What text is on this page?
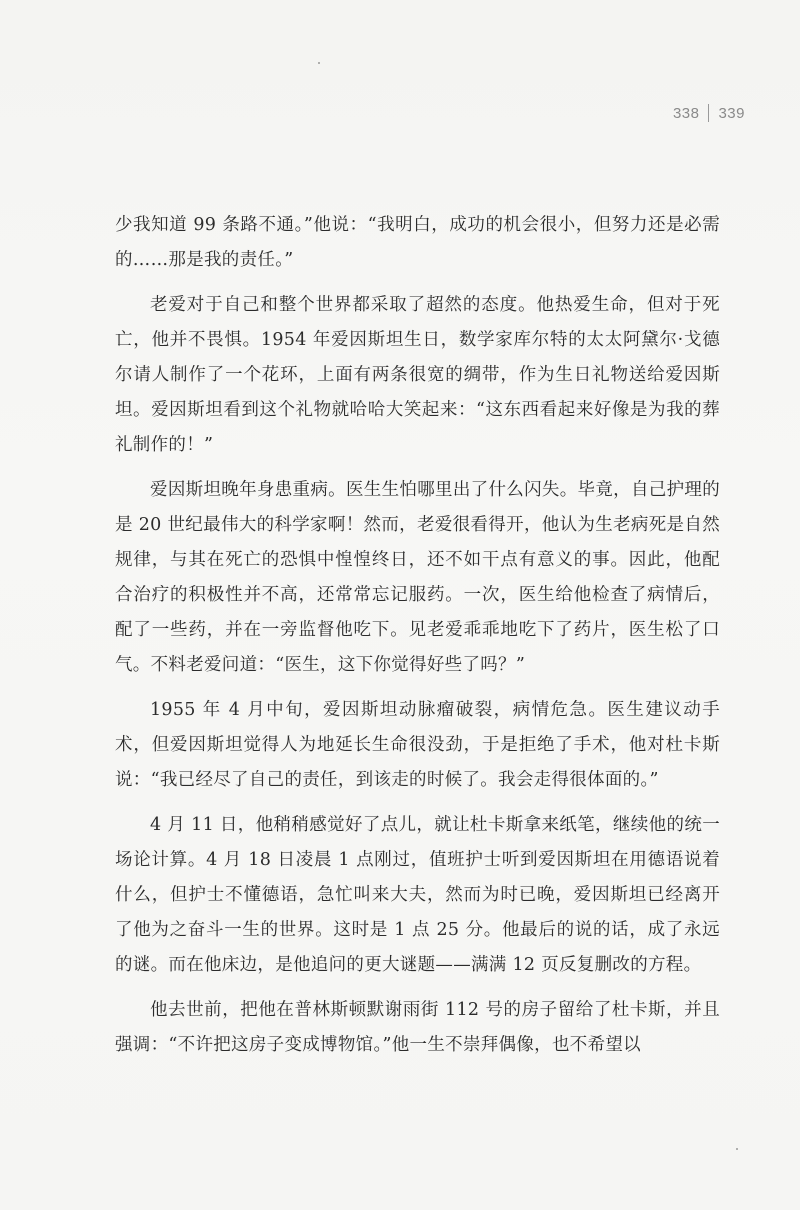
338 339

少我知道 99 条路不通。”他说：“我明白，成功的机会很小，但努力还是必需的……那是我的责任。”

老爱对于自己和整个世界都采取了超然的态度。他热爱生命，但对于死亡，他并不畏惧。1954 年爱因斯坦生日，数学家库尔特的太太阿黛尔·戈德尔请人制作了一个花环，上面有两条很宽的绸带，作为生日礼物送给爱因斯坦。爱因斯坦看到这个礼物就哈哈大笑起来：“这东西看起来好像是为我的葬礼制作的！”

爱因斯坦晚年身患重病。医生生怕哪里出了什么闪失。毕竟，自己护理的是 20 世纪最伟大的科学家啊！然而，老爱很看得开，他认为生老病死是自然规律，与其在死亡的恐惧中惶惶终日，还不如干点有意义的事。因此，他配合治疗的积极性并不高，还常常忘记服药。一次，医生给他检查了病情后，配了一些药，并在一旁监督他吃下。见老爱乖乖地吃下了药片，医生松了口气。不料老爱问道：“医生，这下你觉得好些了吗？”

1955 年 4 月中旬，爱因斯坦动脉瘤破裂，病情危急。医生建议动手术，但爱因斯坦觉得人为地延长生命很没劲，于是拒绝了手术，他对杜卡斯说：“我已经尽了自己的责任，到该走的时候了。我会走得很体面的。”

4 月 11 日，他稍稍感觉好了点儿，就让杜卡斯拿来纸笔，继续他的统一场论计算。4 月 18 日凌晨 1 点刚过，值班护士听到爱因斯坦在用德语说着什么，但护士不懂德语，急忙叫来大夫，然而为时已晚，爱因斯坦已经离开了他为之奋斗一生的世界。这时是 1 点 25 分。他最后的说的话，成了永远的谜。而在他床边，是他追问的更大谜题——满满 12 页反复删改的方程。

他去世前，把他在普林斯顿默谢雨街 112 号的房子留给了杜卡斯，并且强调：“不许把这房子变成博物馆。”他一生不崇拜偶像，也不希望以
